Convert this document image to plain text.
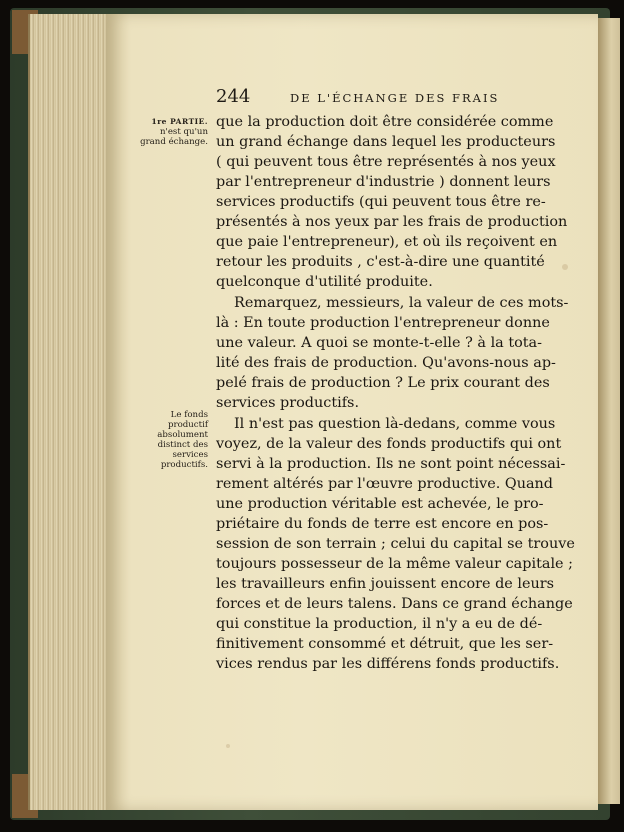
244	DE L'ÉCHANGE DES FRAIS
1re PARTIE.
n'est qu'un grand échange.
Le fonds productif absolument distinct des services productifs.
que la production doit être considérée comme
un grand échange dans lequel les producteurs
( qui peuvent tous être représentés à nos yeux
par l'entrepreneur d'industrie ) donnent leurs
services productifs (qui peuvent tous être re-
présentés à nos yeux par les frais de production
que paie l'entrepreneur), et où ils reçoivent en
retour les produits , c'est-à-dire une quantité
quelconque d'utilité produite.
Remarquez, messieurs, la valeur de ces mots-
là : En toute production l'entrepreneur donne
une valeur. A quoi se monte-t-elle ? à la tota-
lité des frais de production. Qu'avons-nous ap-
pelé frais de production ? Le prix courant des
services productifs.
Il n'est pas question là-dedans, comme vous
voyez, de la valeur des fonds productifs qui ont
servi à la production. Ils ne sont point nécessai-
rement altérés par l'œuvre productive. Quand
une production véritable est achevée, le pro-
priétaire du fonds de terre est encore en pos-
session de son terrain ; celui du capital se trouve
toujours possesseur de la même valeur capitale ;
les travailleurs enfin jouissent encore de leurs
forces et de leurs talens. Dans ce grand échange
qui constitue la production, il n'y a eu de dé-
finitivement consommé et détruit, que les ser-
vices rendus par les différens fonds productifs.
